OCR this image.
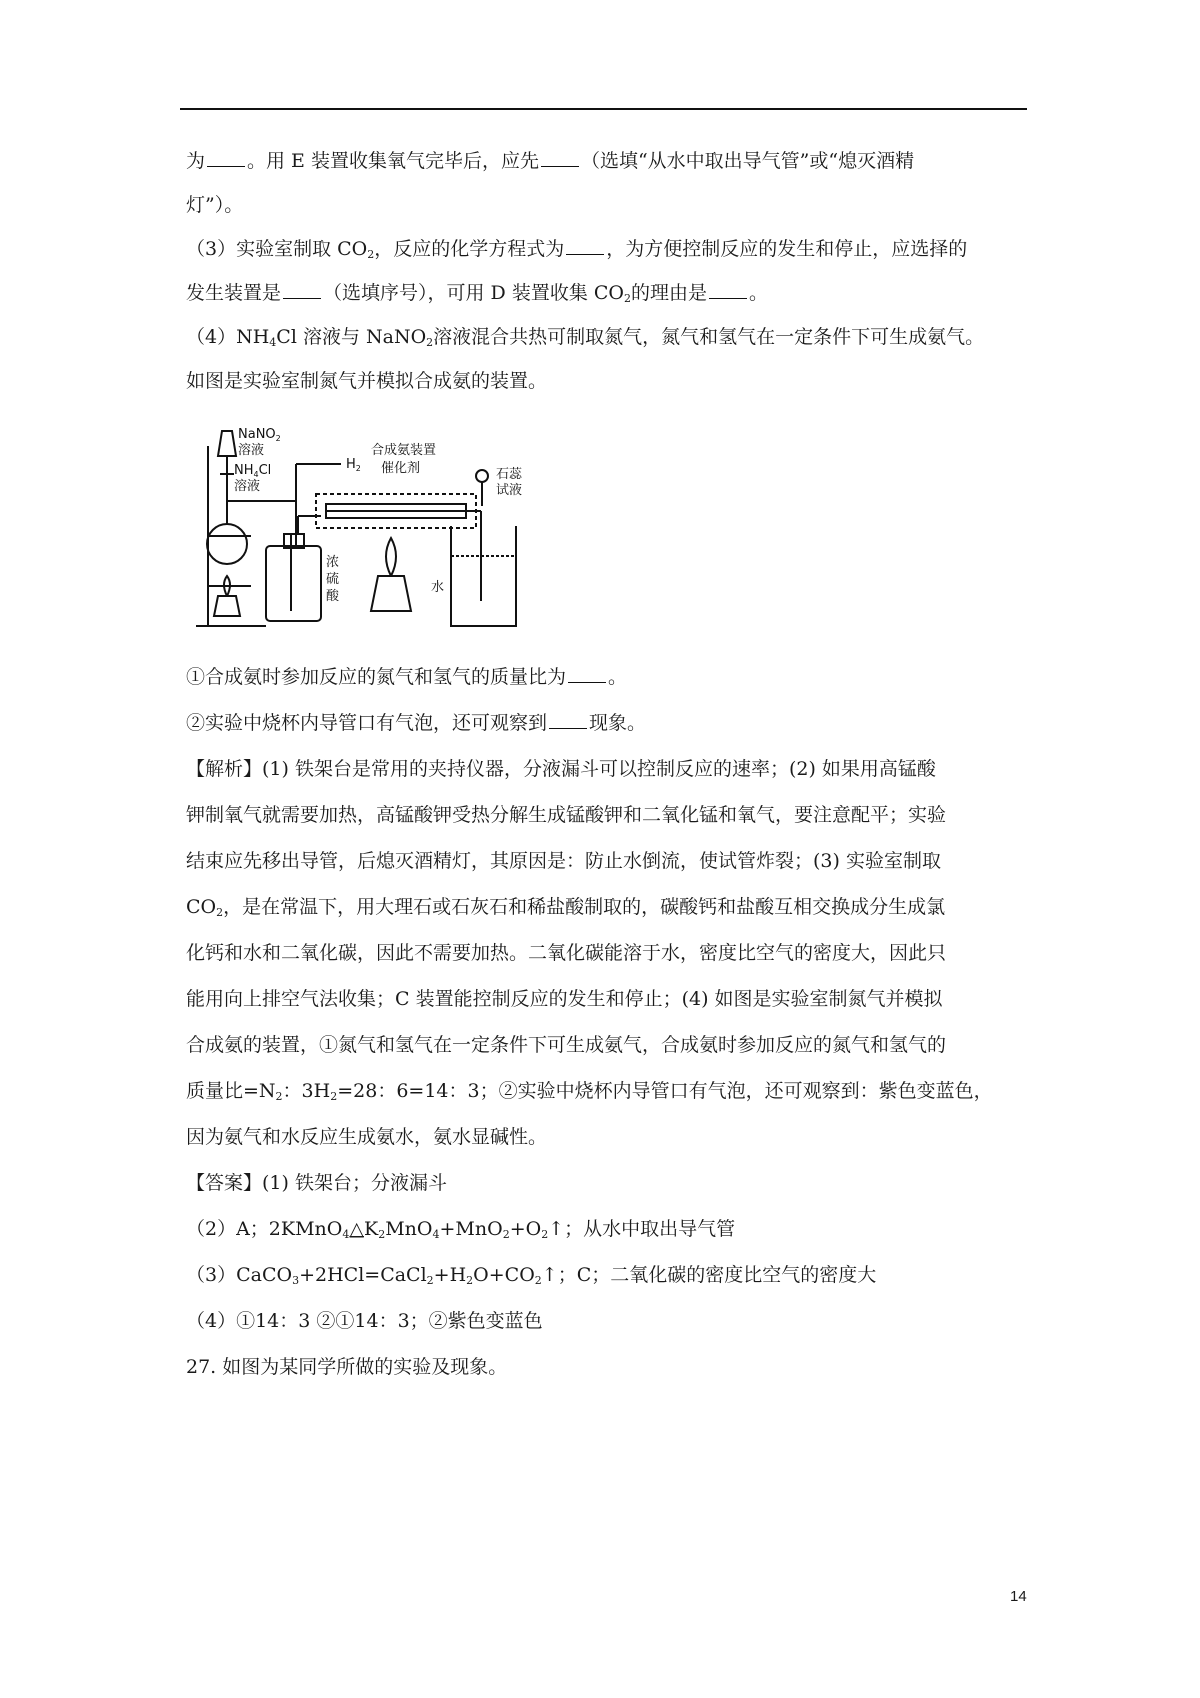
为 。用 E 装置收集氧气完毕后，应先 （选填“从水中取出导气管”或“熄灭酒精
灯”）。
（3）实验室制取 $CO_2$，反应的化学方程式为 ，为方便控制反应的发生和停止，应选择的
发生装置是 （选填序号），可用 D 装置收集 $CO_2$的理由是 。
$(4)NH_4Cl$ 溶液与 NaNO$_2$溶液混合共热可制取氮气，氮气和氢气在一定条件下可生成氨气。
如图是实验室制氮气并模拟合成氨的装置。
NaNO$_2$
溶液
$NH_4Cl$
溶液
$H_2$
合成氨装置
催化剂	石蕊
试液
浓
硫
酸
水
①合成氨时参加反应的氮气和氢气的质量比为 。
②实验中烧杯内导管口有气泡，还可观察到 现象。
【解析】(1) 铁架台是常用的夹持仪器，分液漏斗可以控制反应的速率；(2) 如果用高锰酸
钾制氧气就需要加热，高锰酸钾受热分解生成锰酸钾和二氧化锰和氧气，要注意配平；实验
结束应先移出导管，后熄灭酒精灯，其原因是：防止水倒流，使试管炸裂；(3) 实验室制取
$CO_2$，是在常温下，用大理石或石灰石和稀盐酸制取的，碳酸钙和盐酸互相交换成分生成氯
化钙和水和二氧化碳，因此不需要加热。二氧化碳能溶于水，密度比空气的密度大，因此只
能用向上排空气法收集；C 装置能控制反应的发生和停止；(4) 如图是实验室制氮气并模拟
合成氨的装置，①氮气和氢气在一定条件下可生成氨气，合成氨时参加反应的氮气和氢气的
质量比$=N_2$：$3H_2=28$：6=14：3；②实验中烧杯内导管口有气泡，还可观察到：紫色变蓝色，
因为氨气和水反应生成氨水，氨水显碱性。
【答案】(1) 铁架台；分液漏斗
（2）A；$2KMnO_4\triangle K_2MnO_4+MnO_2+O_2↑$；从水中取出导气管
$(3)CaCO_3+2HCl=CaCl_2+H_2O+CO_2↑$；C；二氧化碳的密度比空气的密度大
（4）①14：3 ②①14：3；②紫色变蓝色
27. 如图为某同学所做的实验及现象。
14
